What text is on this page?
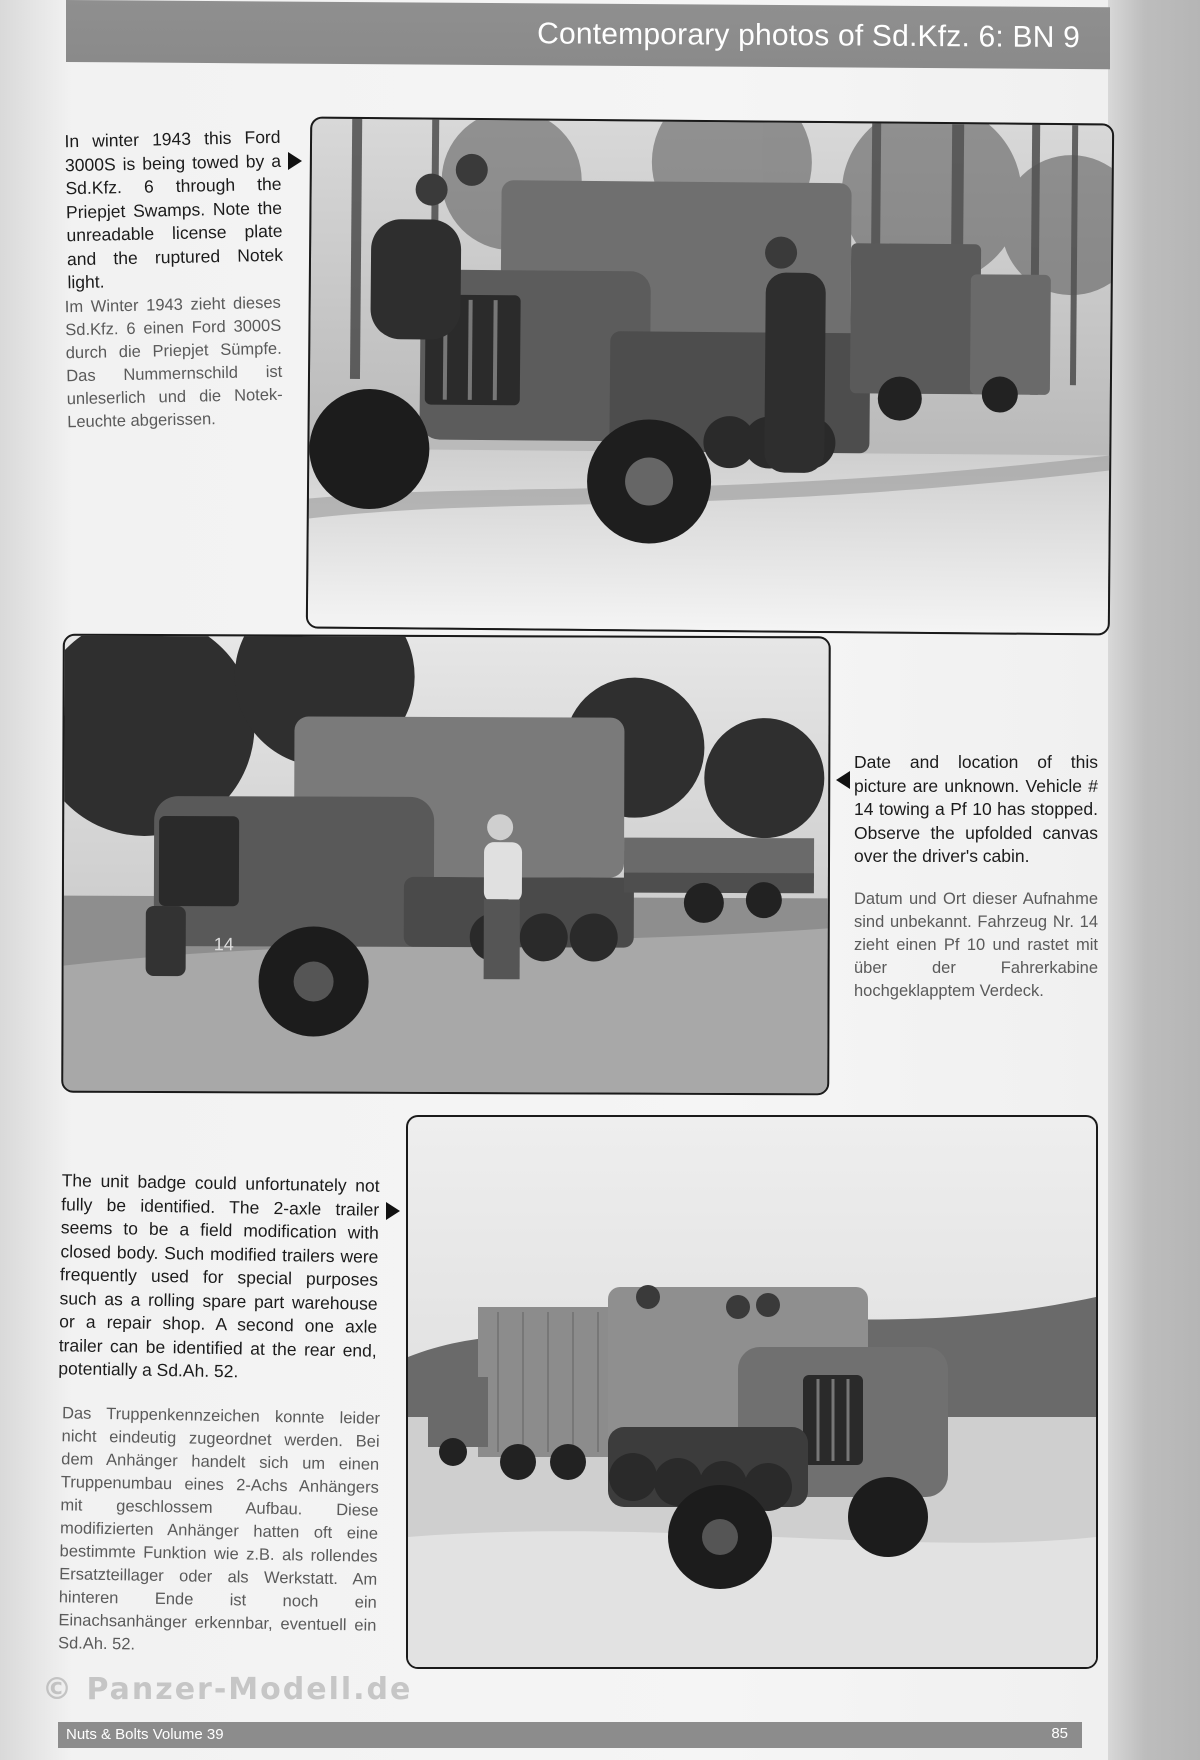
Contemporary photos of Sd.Kfz. 6: BN 9
In winter 1943 this Ford 3000S is being towed by a Sd.Kfz. 6 through the Priepjet Swamps. Note the unreadable license plate and the ruptured Notek light.
Im Winter 1943 zieht dieses Sd.Kfz. 6 einen Ford 3000S durch die Priepjet Sümpfe. Das Nummernschild ist unleserlich und die Notek-Leuchte abgerissen.
14
Date and location of this picture are unknown. Vehicle # 14 towing a Pf 10 has stopped. Observe the upfolded canvas over the driver's cabin.
Datum und Ort dieser Aufnahme sind unbekannt. Fahrzeug Nr. 14 zieht einen Pf 10 und rastet mit über der Fahrerkabine hochgeklapptem Verdeck.
The unit badge could unfortunately not fully be identified. The 2-axle trailer seems to be a field modification with closed body. Such modified trailers were frequently used for special purposes such as a rolling spare part warehouse or a repair shop. A second one axle trailer can be identified at the rear end, potentially a Sd.Ah. 52.
Das Truppenkennzeichen konnte leider nicht eindeutig zugeordnet werden. Bei dem Anhänger handelt sich um einen Truppenumbau eines 2-Achs Anhängers mit geschlossem Aufbau. Diese modifizierten Anhänger hatten oft eine bestimmte Funktion wie z.B. als rollendes Ersatzteillager oder als Werkstatt. Am hinteren Ende ist noch ein Einachsanhänger erkennbar, eventuell ein Sd.Ah. 52.
© Panzer-Modell.de
Nuts & Bolts Volume 39	85
